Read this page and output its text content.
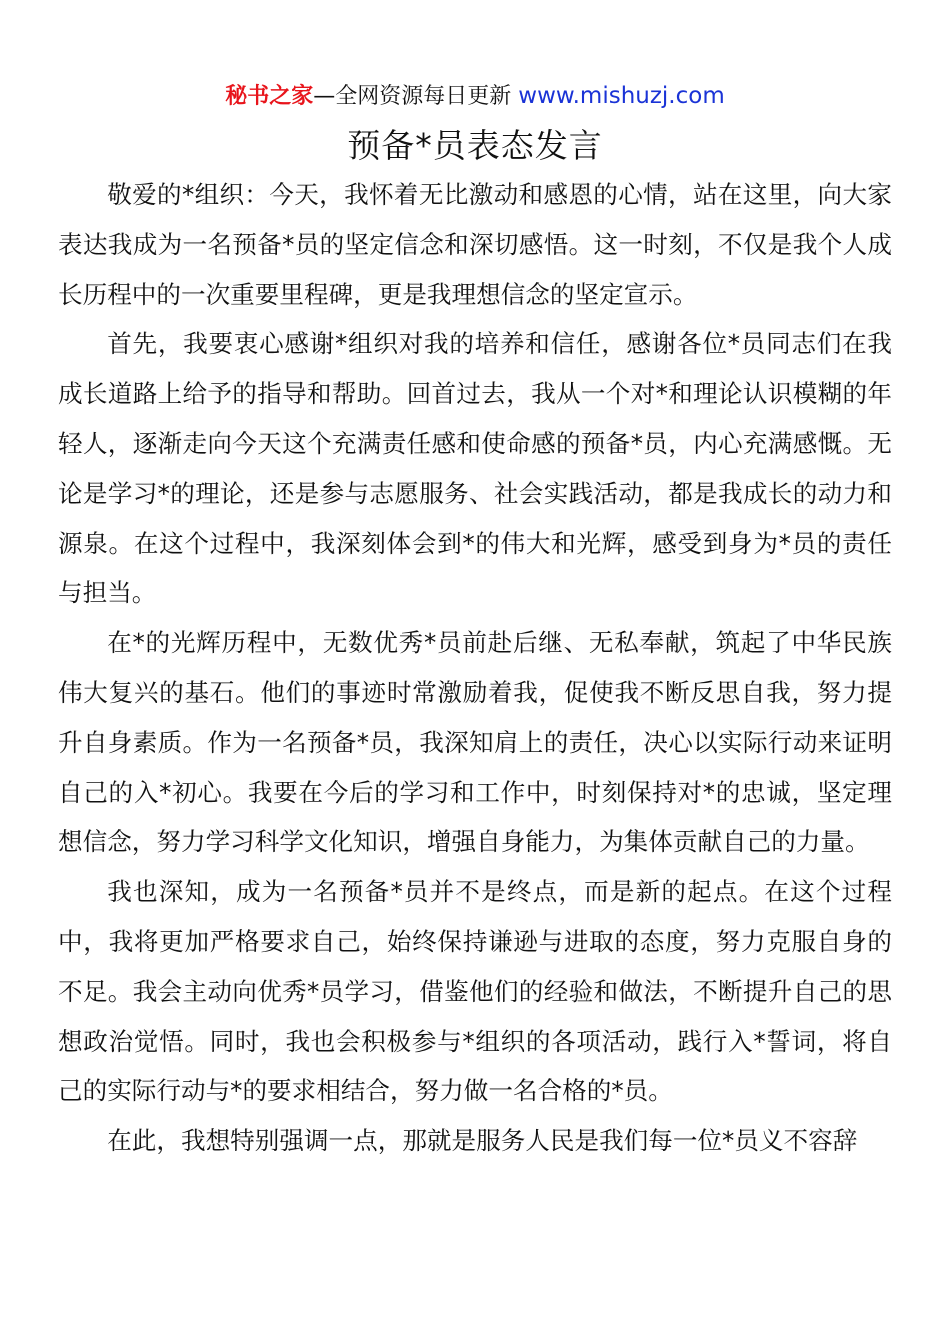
秘书之家—全网资源每日更新 www.mishuzj.com
预备*员表态发言

敬爱的*组织：今天，我怀着无比激动和感恩的心情，站在这里，向大家表达我成为一名预备*员的坚定信念和深切感悟。这一时刻，不仅是我个人成长历程中的一次重要里程碑，更是我理想信念的坚定宣示。

首先，我要衷心感谢*组织对我的培养和信任，感谢各位*员同志们在我成长道路上给予的指导和帮助。回首过去，我从一个对*和理论认识模糊的年轻人，逐渐走向今天这个充满责任感和使命感的预备*员，内心充满感慨。无论是学习*的理论，还是参与志愿服务、社会实践活动，都是我成长的动力和源泉。在这个过程中，我深刻体会到*的伟大和光辉，感受到身为*员的责任与担当。

在*的光辉历程中，无数优秀*员前赴后继、无私奉献，筑起了中华民族伟大复兴的基石。他们的事迹时常激励着我，促使我不断反思自我，努力提升自身素质。作为一名预备*员，我深知肩上的责任，决心以实际行动来证明自己的入*初心。我要在今后的学习和工作中，时刻保持对*的忠诚，坚定理想信念，努力学习科学文化知识，增强自身能力，为集体贡献自己的力量。

我也深知，成为一名预备*员并不是终点，而是新的起点。在这个过程中，我将更加严格要求自己，始终保持谦逊与进取的态度，努力克服自身的不足。我会主动向优秀*员学习，借鉴他们的经验和做法，不断提升自己的思想政治觉悟。同时，我也会积极参与*组织的各项活动，践行入*誓词，将自己的实际行动与*的要求相结合，努力做一名合格的*员。

在此，我想特别强调一点，那就是服务人民是我们每一位*员义不容辞
